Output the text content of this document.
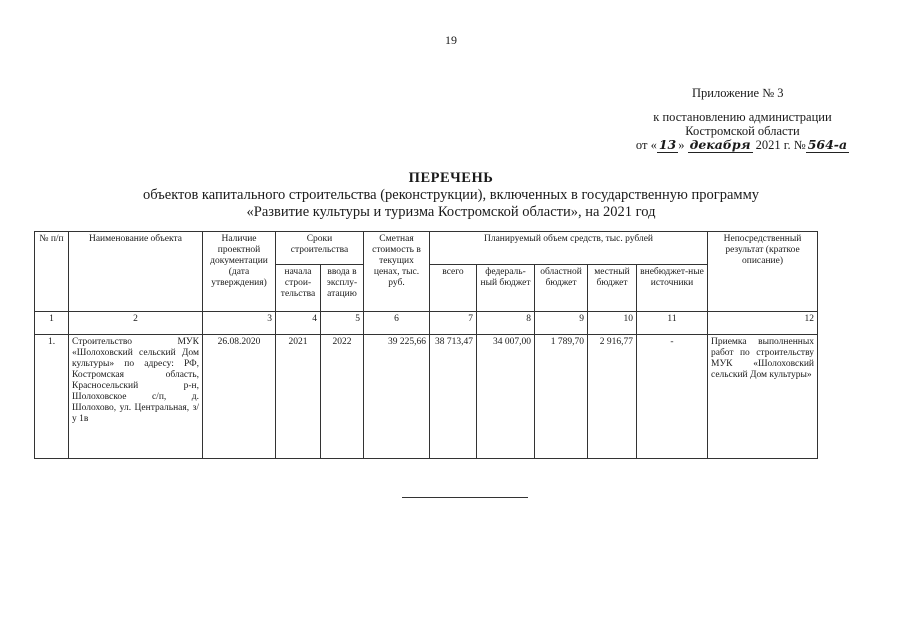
19
Приложение № 3
к постановлению администрации
Костромской области
от « 13 » декабря 2021 г. № 564-а
ПЕРЕЧЕНЬ
объектов капитального строительства (реконструкции), включенных в государственную программу
«Развитие культуры и туризма Костромской области», на 2021 год
№ п/п	Наименование объекта	Наличие проектной документации (дата утверждения)	Сроки строительства		Сметная стоимость в текущих ценах, тыс. руб.	Планируемый объем средств, тыс. рублей					Непосредственный результат (краткое описание)
			начала строи-тельства	ввода в эксплу-атацию		всего	федераль-ный бюджет	областной бюджет	местный бюджет	внебюджет-ные источники	
1	2	3	4	5	6	7	8	9	10	11	12
1.	Строительство МУК «Шолоховский сельский Дом культуры» по адресу: РФ, Костромская область, Красносельский р-н, Шолоховское с/п, д. Шолохово, ул. Центральная, з/у 1в	26.08.2020	2021	2022	39 225,66	38 713,47	34 007,00	1 789,70	2 916,77	-	Приемка выполненных работ по строительству МУК «Шолоховский сельский Дом культуры»
